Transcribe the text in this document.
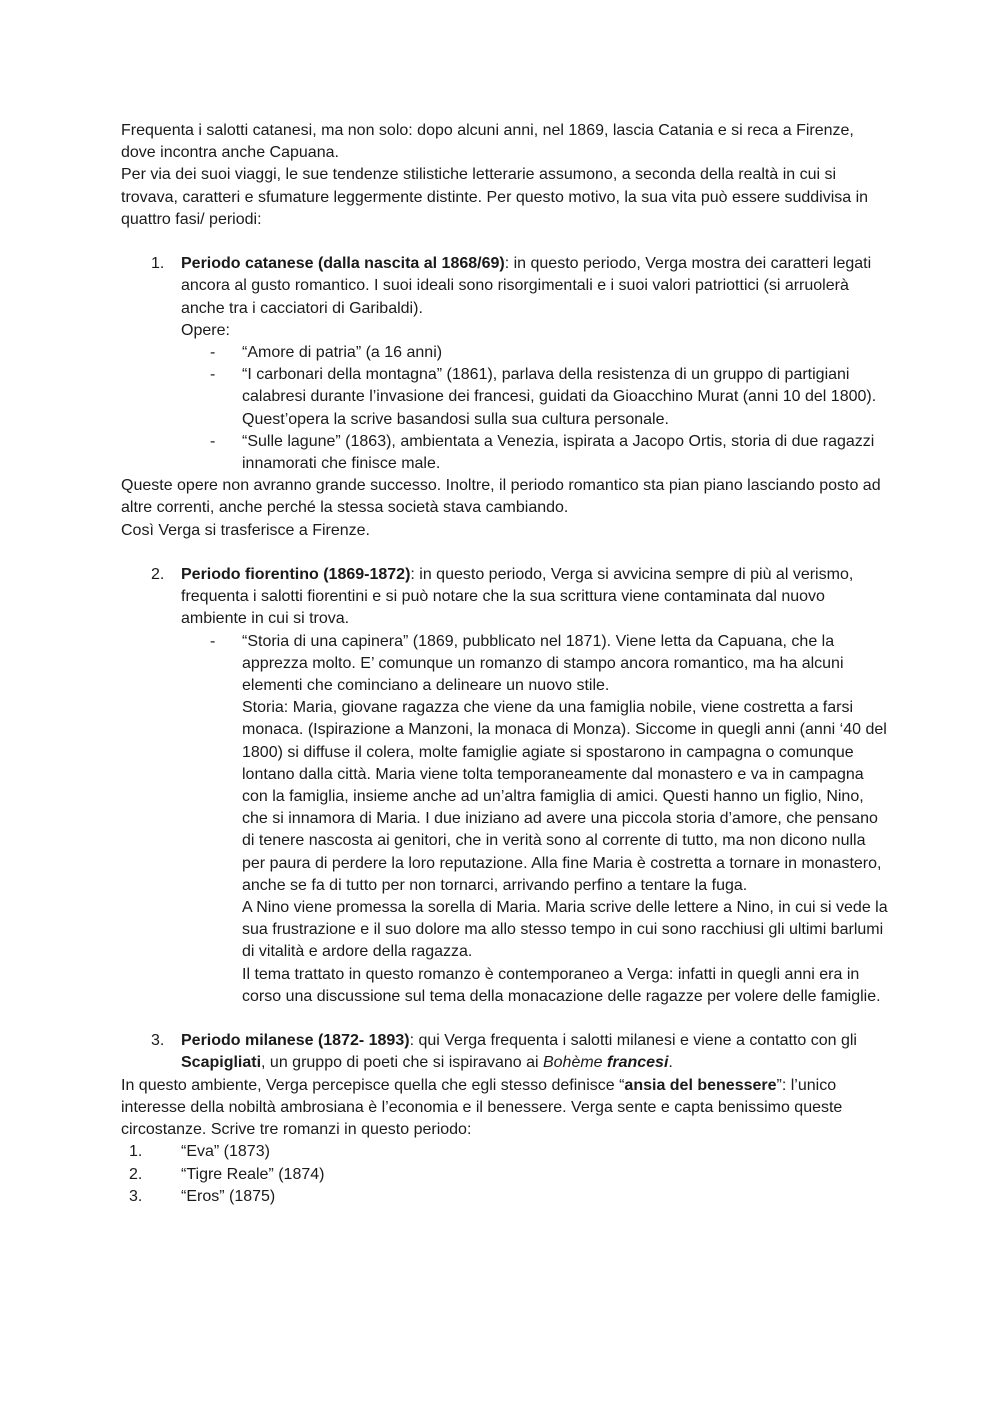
Frequenta i salotti catanesi, ma non solo: dopo alcuni anni, nel 1869, lascia Catania e si reca a Firenze, dove incontra anche Capuana.

Per via dei suoi viaggi, le sue tendenze stilistiche letterarie assumono, a seconda della realtà in cui si trovava, caratteri e sfumature leggermente distinte. Per questo motivo, la sua vita può essere suddivisa in quattro fasi/ periodi:

1. Periodo catanese (dalla nascita al 1868/69): in questo periodo, Verga mostra dei caratteri legati ancora al gusto romantico. I suoi ideali sono risorgimentali e i suoi valori patriottici (si arruolerà anche tra i cacciatori di Garibaldi).

Opere:

- “Amore di patria” (a 16 anni)

- “I carbonari della montagna” (1861), parlava della resistenza di un gruppo di partigiani calabresi durante l’invasione dei francesi, guidati da Gioacchino Murat (anni 10 del 1800). Quest’opera la scrive basandosi sulla sua cultura personale.

- “Sulle lagune” (1863), ambientata a Venezia, ispirata a Jacopo Ortis, storia di due ragazzi innamorati che finisce male.

Queste opere non avranno grande successo. Inoltre, il periodo romantico sta pian piano lasciando posto ad altre correnti, anche perché la stessa società stava cambiando.

Così Verga si trasferisce a Firenze.

2. Periodo fiorentino (1869-1872): in questo periodo, Verga si avvicina sempre di più al verismo, frequenta i salotti fiorentini e si può notare che la sua scrittura viene contaminata dal nuovo ambiente in cui si trova.

- “Storia di una capinera” (1869, pubblicato nel 1871). Viene letta da Capuana, che la apprezza molto. E’ comunque un romanzo di stampo ancora romantico, ma ha alcuni elementi che cominciano a delineare un nuovo stile.

Storia: Maria, giovane ragazza che viene da una famiglia nobile, viene costretta a farsi monaca. (Ispirazione a Manzoni, la monaca di Monza). Siccome in quegli anni (anni ‘40 del 1800) si diffuse il colera, molte famiglie agiate si spostarono in campagna o comunque lontano dalla città. Maria viene tolta temporaneamente dal monastero e va in campagna con la famiglia, insieme anche ad un’altra famiglia di amici. Questi hanno un figlio, Nino, che si innamora di Maria. I due iniziano ad avere una piccola storia d’amore, che pensano di tenere nascosta ai genitori, che in verità sono al corrente di tutto, ma non dicono nulla per paura di perdere la loro reputazione. Alla fine Maria è costretta a tornare in monastero, anche se fa di tutto per non tornarci, arrivando perfino a tentare la fuga.

A Nino viene promessa la sorella di Maria. Maria scrive delle lettere a Nino, in cui si vede la sua frustrazione e il suo dolore ma allo stesso tempo in cui sono racchiusi gli ultimi barlumi di vitalità e ardore della ragazza.

Il tema trattato in questo romanzo è contemporaneo a Verga: infatti in quegli anni era in corso una discussione sul tema della monacazione delle ragazze per volere delle famiglie.

3. Periodo milanese (1872- 1893): qui Verga frequenta i salotti milanesi e viene a contatto con gli Scapigliati, un gruppo di poeti che si ispiravano ai Bohème francesi.

In questo ambiente, Verga percepisce quella che egli stesso definisce “ansia del benessere”: l’unico interesse della nobiltà ambrosiana è l’economia e il benessere. Verga sente e capta benissimo queste circostanze. Scrive tre romanzi in questo periodo:

1. “Eva” (1873)

2. “Tigre Reale” (1874)

3. “Eros” (1875)
